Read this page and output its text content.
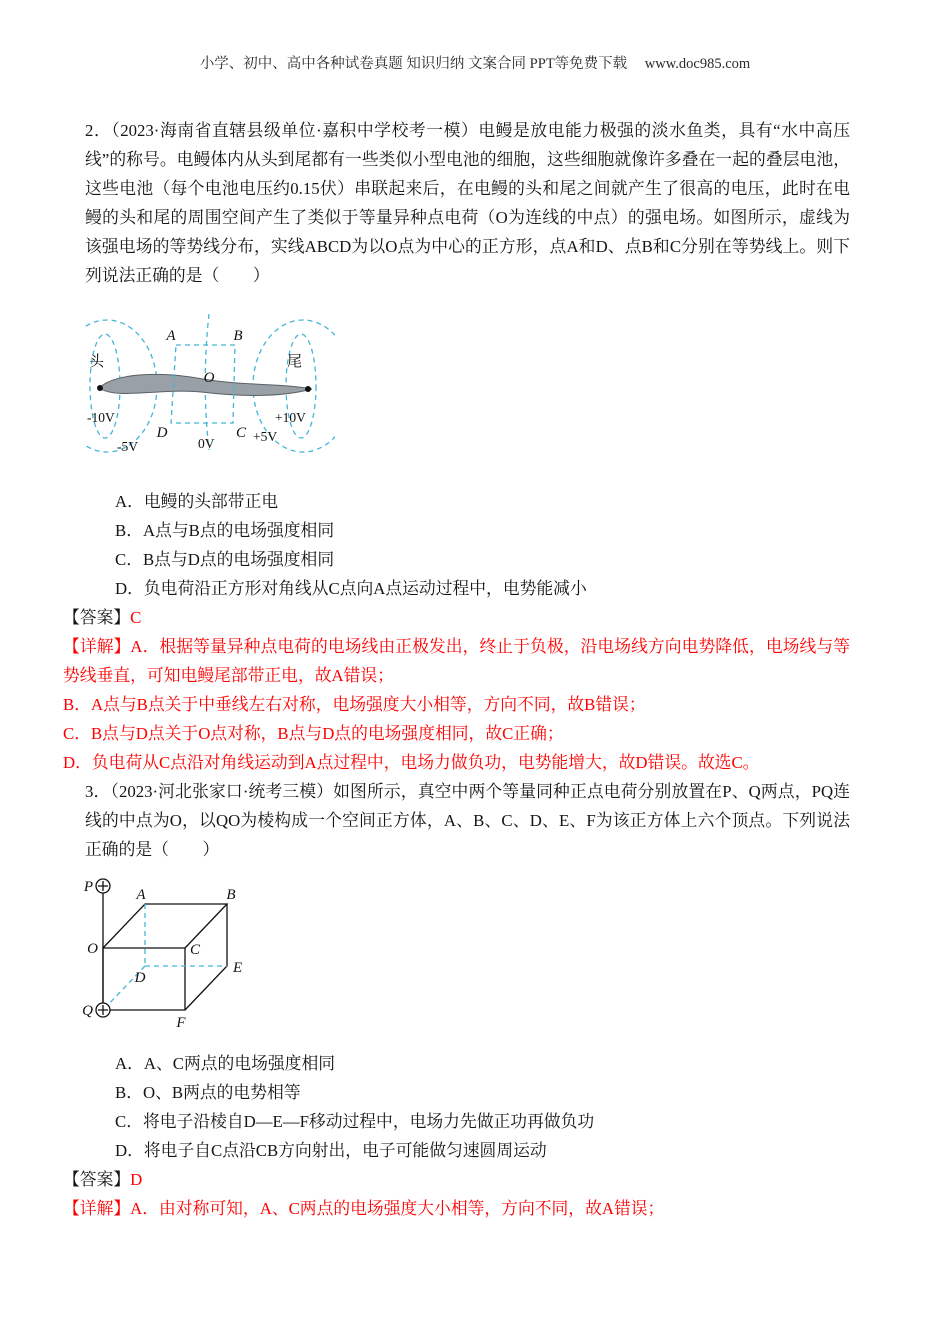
小学、初中、高中各种试卷真题 知识归纳 文案合同 PPT等免费下载 www.doc985.com

2．（2023·海南省直辖县级单位·嘉积中学校考一模）电鳗是放电能力极强的淡水鱼类，具有“水中高压线”的称号。电鳗体内从头到尾都有一些类似小型电池的细胞，这些细胞就像许多叠在一起的叠层电池，这些电池（每个电池电压约0.15伏）串联起来后，在电鳗的头和尾之间就产生了很高的电压，此时在电鳗的头和尾的周围空间产生了类似于等量异种点电荷（O为连线的中点）的强电场。如图所示，虚线为该强电场的等势线分布，实线ABCD为以O点为中心的正方形，点A和D、点B和C分别在等势线上。则下列说法正确的是（　　）

头	尾
A	B
O
D	C
-10V
-5V	0V	+5V
+10V
A．电鳗的头部带正电
B．A点与B点的电场强度相同
C．B点与D点的电场强度相同
D．负电荷沿正方形对角线从C点向A点运动过程中，电势能减小

【答案】C

【详解】A．根据等量异种点电荷的电场线由正极发出，终止于负极，沿电场线方向电势降低，电场线与等势线垂直，可知电鳗尾部带正电，故A错误；

B．A点与B点关于中垂线左右对称，电场强度大小相等，方向不同，故B错误；

C．B点与D点关于O点对称，B点与D点的电场强度相同，故C正确；

D．负电荷从C点沿对角线运动到A点过程中，电场力做负功，电势能增大，故D错误。故选C。

3．（2023·河北张家口·统考三模）如图所示，真空中两个等量同种正点电荷分别放置在P、Q两点，PQ连线的中点为O，以QO为棱构成一个空间正方体，A、B、C、D、E、F为该正方体上六个顶点。下列说法正确的是（　　）

P
O
Q
A	B
C
D
E
F
A．A、C两点的电场强度相同
B．O、B两点的电势相等
C．将电子沿棱自D—E—F移动过程中，电场力先做正功再做负功
D．将电子自C点沿CB方向射出，电子可能做匀速圆周运动

【答案】D

【详解】A．由对称可知，A、C两点的电场强度大小相等，方向不同，故A错误；
